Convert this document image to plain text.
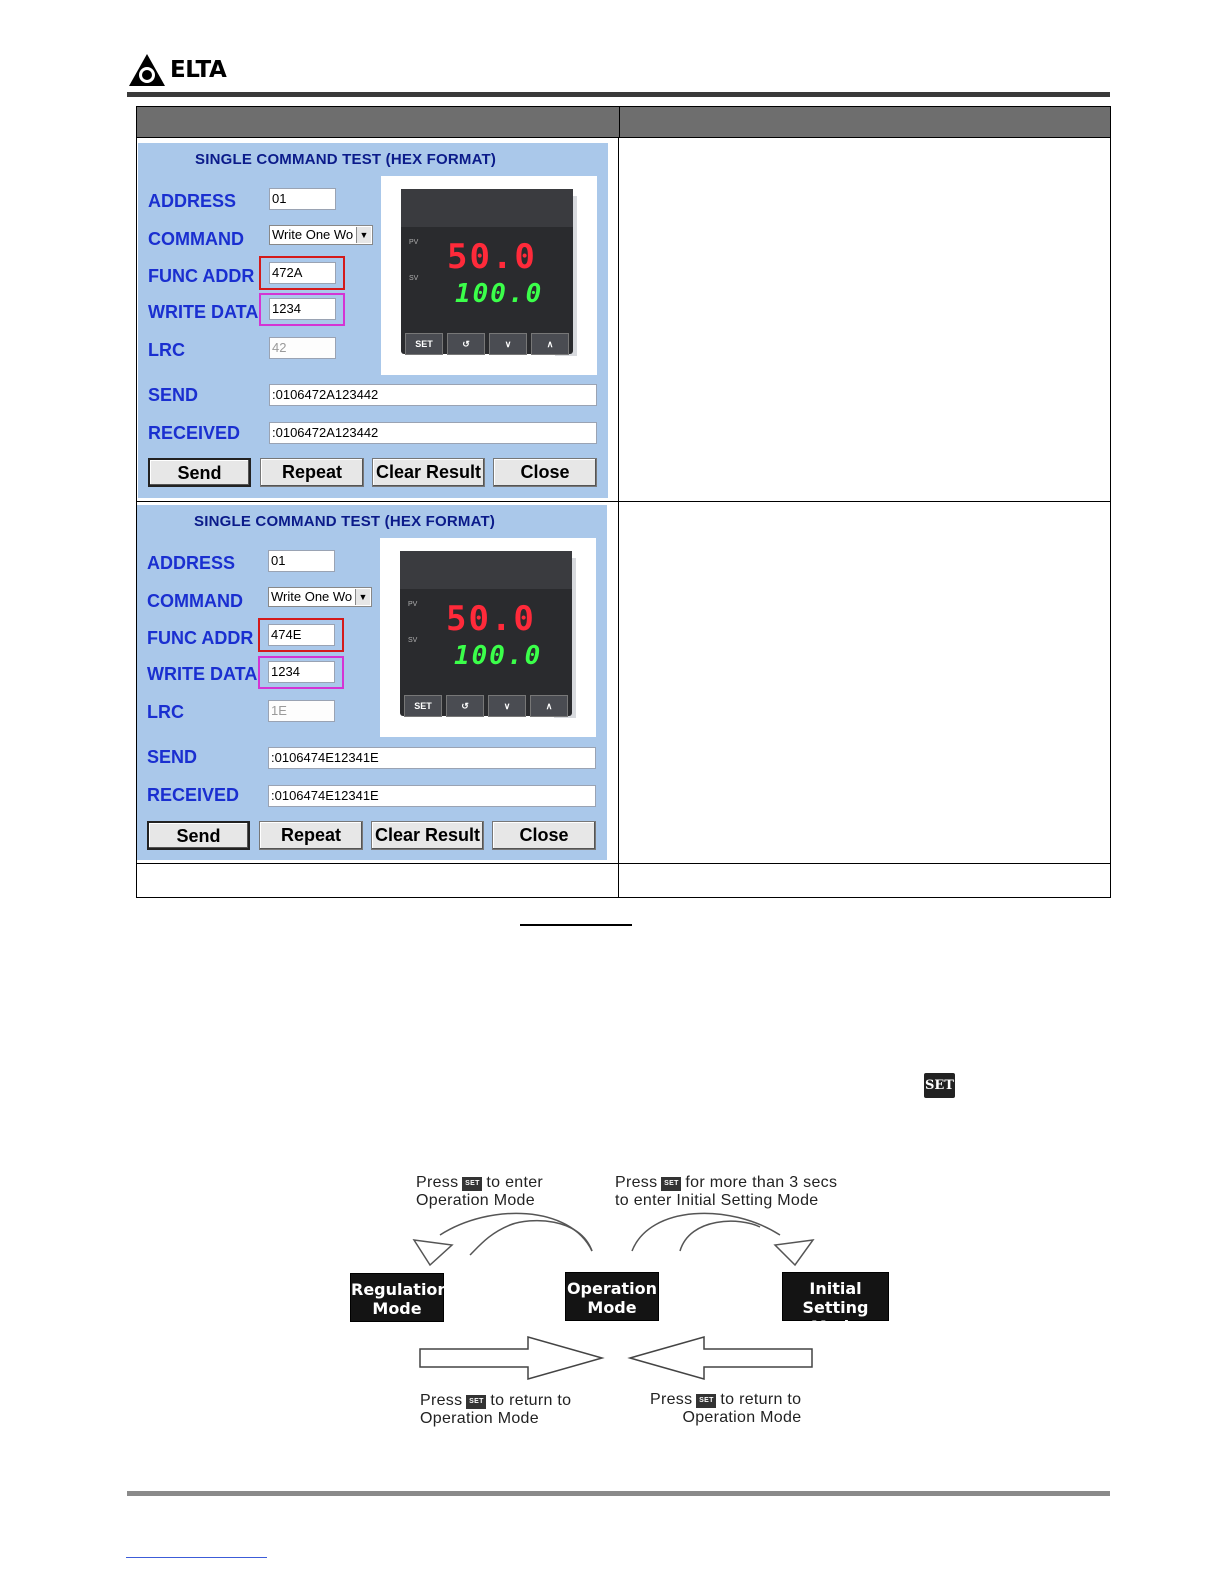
ELTA
SINGLE COMMAND TEST (HEX FORMAT)
ADDRESS	01
COMMAND Write One Wo ▼
FUNC ADDR 472A
WRITE DATA 1234
LRC	42
PV
SV
50.0
100.0
SET	↺	∨	∧
SEND	:0106472A123442
RECEIVED :0106472A123442
Send	Repeat	Clear Result	Close
SINGLE COMMAND TEST (HEX FORMAT)
ADDRESS	01
COMMAND Write One Wo ▼
FUNC ADDR 474E
WRITE DATA 1234
LRC	1E
PV
SV
50.0
100.0
SET	↺	∨	∧
SEND	:0106474E12341E
RECEIVED :0106474E12341E
Send	Repeat	Clear Result	Close
SET
Press SET to enter
Operation Mode
Press SET for more than 3 secs
to enter Initial Setting Mode
Regulation
Mode
Operation
Mode
Initial Setting
Mode
Press SET to return to
Operation Mode
Press SET to return to
Operation Mode
